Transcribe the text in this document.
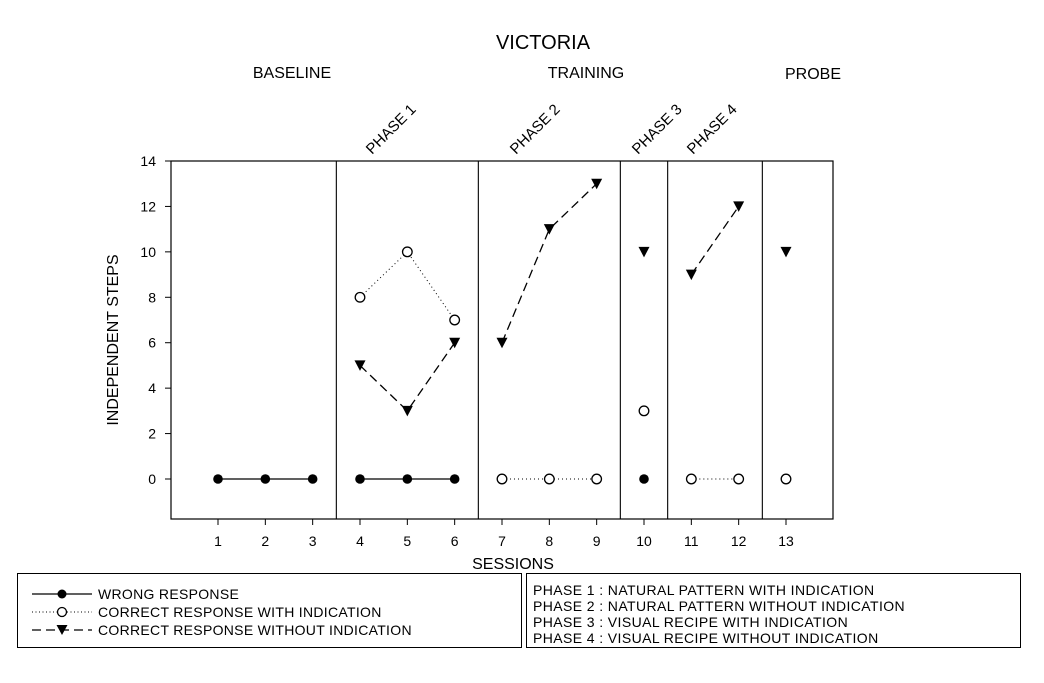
VICTORIA
BASELINE	TRAINING	PROBE
PHASE 1	PHASE 2	PHASE 3
PHASE 4
0
2
4
6
8
10
12
14
1	2	3	4	5	6	7	8	9	10 11 12 13
INDEPENDENT STEPS
SESSIONS
WRONG RESPONSE
CORRECT RESPONSE WITH INDICATION
CORRECT RESPONSE WITHOUT INDICATION
PHASE 1 : NATURAL PATTERN WITH INDICATION
PHASE 2 : NATURAL PATTERN WITHOUT INDICATION
PHASE 3 : VISUAL RECIPE WITH INDICATION
PHASE 4 : VISUAL RECIPE WITHOUT INDICATION
